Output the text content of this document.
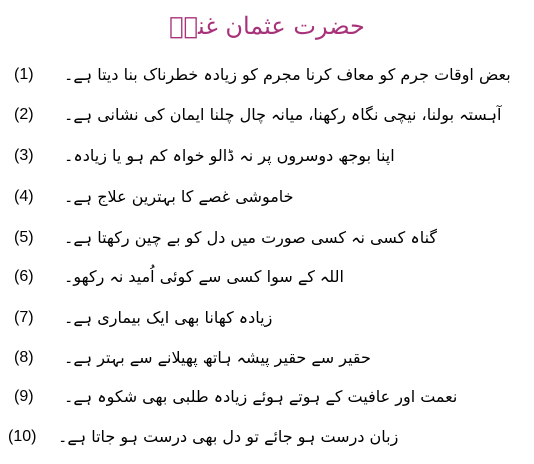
حضرت عثمان غنیؓ
(1)	بعض اوقات جرم کو معاف کرنا مجرم کو زیادہ خطرناک بنا دیتا ہے۔
(2)	آہستہ بولنا، نیچی نگاہ رکھنا، میانہ چال چلنا ایمان کی نشانی ہے۔
(3)	اپنا بوجھ دوسروں پر نہ ڈالو خواہ کم ہو یا زیادہ۔
(4)	خاموشی غصے کا بہترین علاج ہے۔
(5)	گناہ کسی نہ کسی صورت میں دل کو بے چین رکھتا ہے۔
(6)	اللہ کے سوا کسی سے کوئی اُمید نہ رکھو۔
(7)	زیادہ کھانا بھی ایک بیماری ہے۔
(8)	حقیر سے حقیر پیشہ ہاتھ پھیلانے سے بہتر ہے۔
(9)	نعمت اور عافیت کے ہوتے ہوئے زیادہ طلبی بھی شکوہ ہے۔
(10)	زبان درست ہو جائے تو دل بھی درست ہو جاتا ہے۔
